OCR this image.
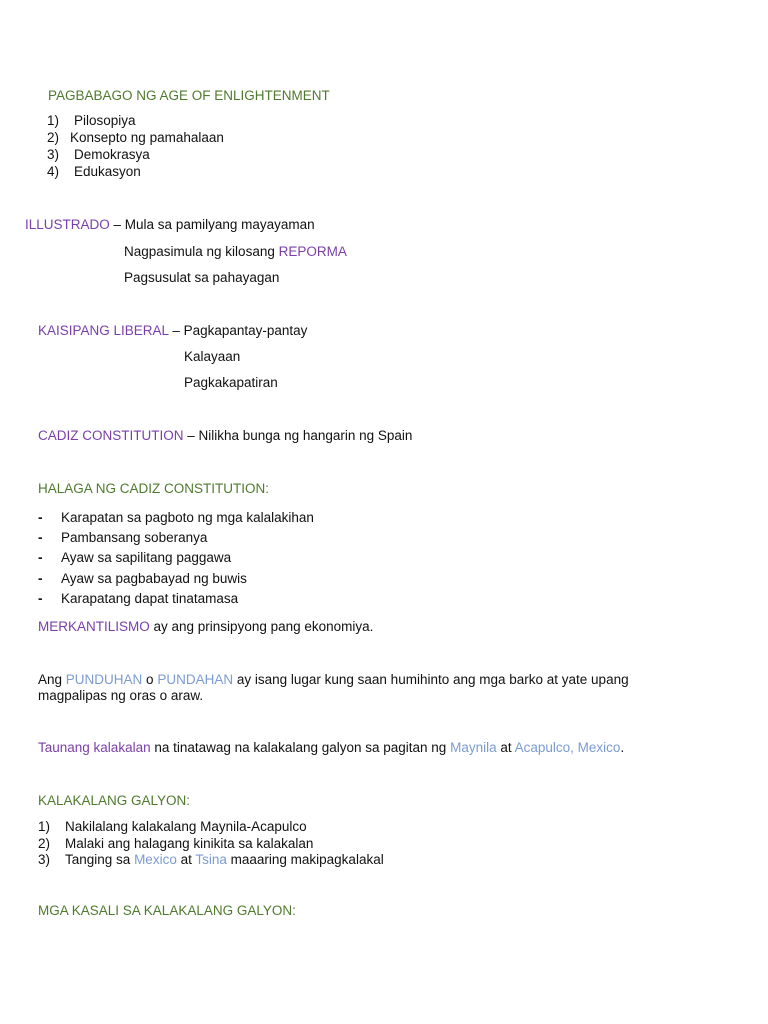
PAGBABAGO NG AGE OF ENLIGHTENMENT
1) Pilosopiya
2) Konsepto ng pamahalaan
3) Demokrasya
4) Edukasyon
ILLUSTRADO – Mula sa pamilyang mayayaman
Nagpasimula ng kilosang REPORMA
Pagsusulat sa pahayagan
KAISIPANG LIBERAL – Pagkapantay-pantay
Kalayaan
Pagkakapatiran
CADIZ CONSTITUTION – Nilikha bunga ng hangarin ng Spain
HALAGA NG CADIZ CONSTITUTION:
- Karapatan sa pagboto ng mga kalalakihan
- Pambansang soberanya
- Ayaw sa sapilitang paggawa
- Ayaw sa pagbabayad ng buwis
- Karapatang dapat tinatamasa
MERKANTILISMO ay ang prinsipyong pang ekonomiya.
Ang PUNDUHAN o PUNDAHAN ay isang lugar kung saan humihinto ang mga barko at yate upang
magpalipas ng oras o araw.
Taunang kalakalan na tinatawag na kalakalang galyon sa pagitan ng Maynila at Acapulco, Mexico.
KALAKALANG GALYON:
1) Nakilalang kalakalang Maynila-Acapulco
2) Malaki ang halagang kinikita sa kalakalan
3) Tanging sa Mexico at Tsina maaaring makipagkalakal
MGA KASALI SA KALAKALANG GALYON:
